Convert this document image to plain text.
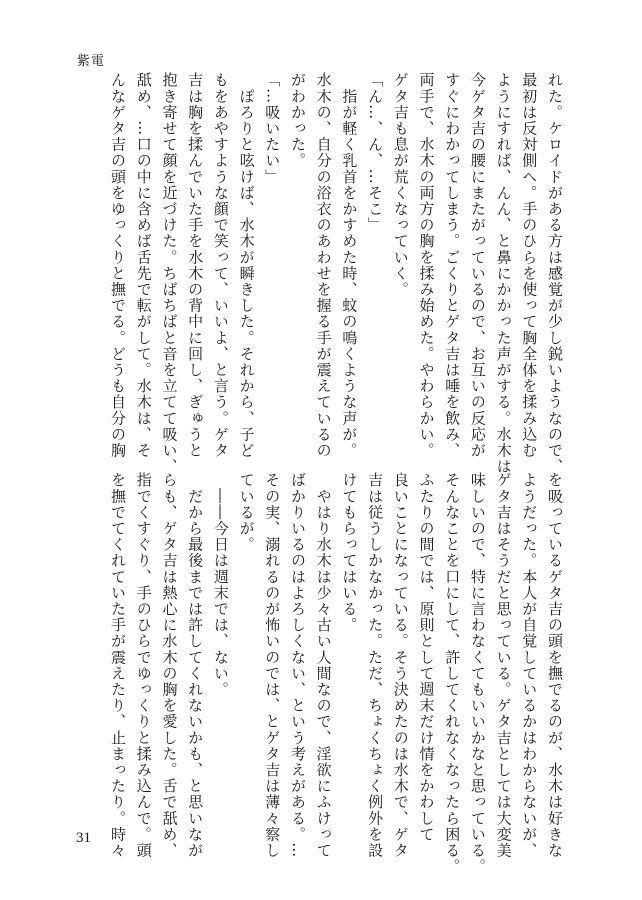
紫電
れた。ケロイドがある方は感覚が少し鋭いようなので、
最初は反対側へ。手のひらを使って胸全体を揉み込む
ようにすれば、んん、と鼻にかかった声がする。水木は
今ゲタ吉の腰にまたがっているので、お互いの反応が
すぐにわかってしまう。ごくりとゲタ吉は唾を飲み、
両手で、水木の両方の胸を揉み始めた。やわらかい。
ゲタ吉も息が荒くなっていく。
「ん…、ん、…そこ」
　指が軽く乳首をかすめた時、蚊の鳴くような声が。
水木の、自分の浴衣のあわせを握る手が震えているの
がわかった。
「…吸いたい」
　ぽろりと呟けば、水木が瞬きした。それから、子ど
もをあやすような顔で笑って、いいよ、と言う。ゲタ
吉は胸を揉んでいた手を水木の背中に回し、ぎゅうと
抱き寄せて顔を近づけた。ちばちばと音を立てて吸い、
舐め、…口の中に含めば舌先で転がして。水木は、そ
んなゲタ吉の頭をゆっくりと撫でる。どうも自分の胸
を吸っているゲタ吉の頭を撫でるのが、水木は好きな
ようだった。本人が自覚しているかはわからないが、
ゲタ吉はそうだと思っている。ゲタ吉としては大変美
味しいので、特に言わなくてもいいかなと思っている。
そんなことを口にして、許してくれなくなったら困る。
ふたりの間では、原則として週末だけ情をかわして
良いことになっている。そう決めたのは水木で、ゲタ
吉は従うしかなかった。ただ、ちょくちょく例外を設
けてもらってはいる。
　やはり水木は少々古い人間なので、淫欲にふけって
ばかりいるのはよろしくない、という考えがある。…
その実、溺れるのが怖いのでは、とゲタ吉は薄々察し
ているが。
　――今日は週末では、ない。
　だから最後までは許してくれないかも、と思いなが
らも、ゲタ吉は熱心に水木の胸を愛した。舌で舐め、
指でくすぐり、手のひらでゆっくりと揉み込んで。頭
を撫でてくれていた手が震えたり、止まったり。時々
31
